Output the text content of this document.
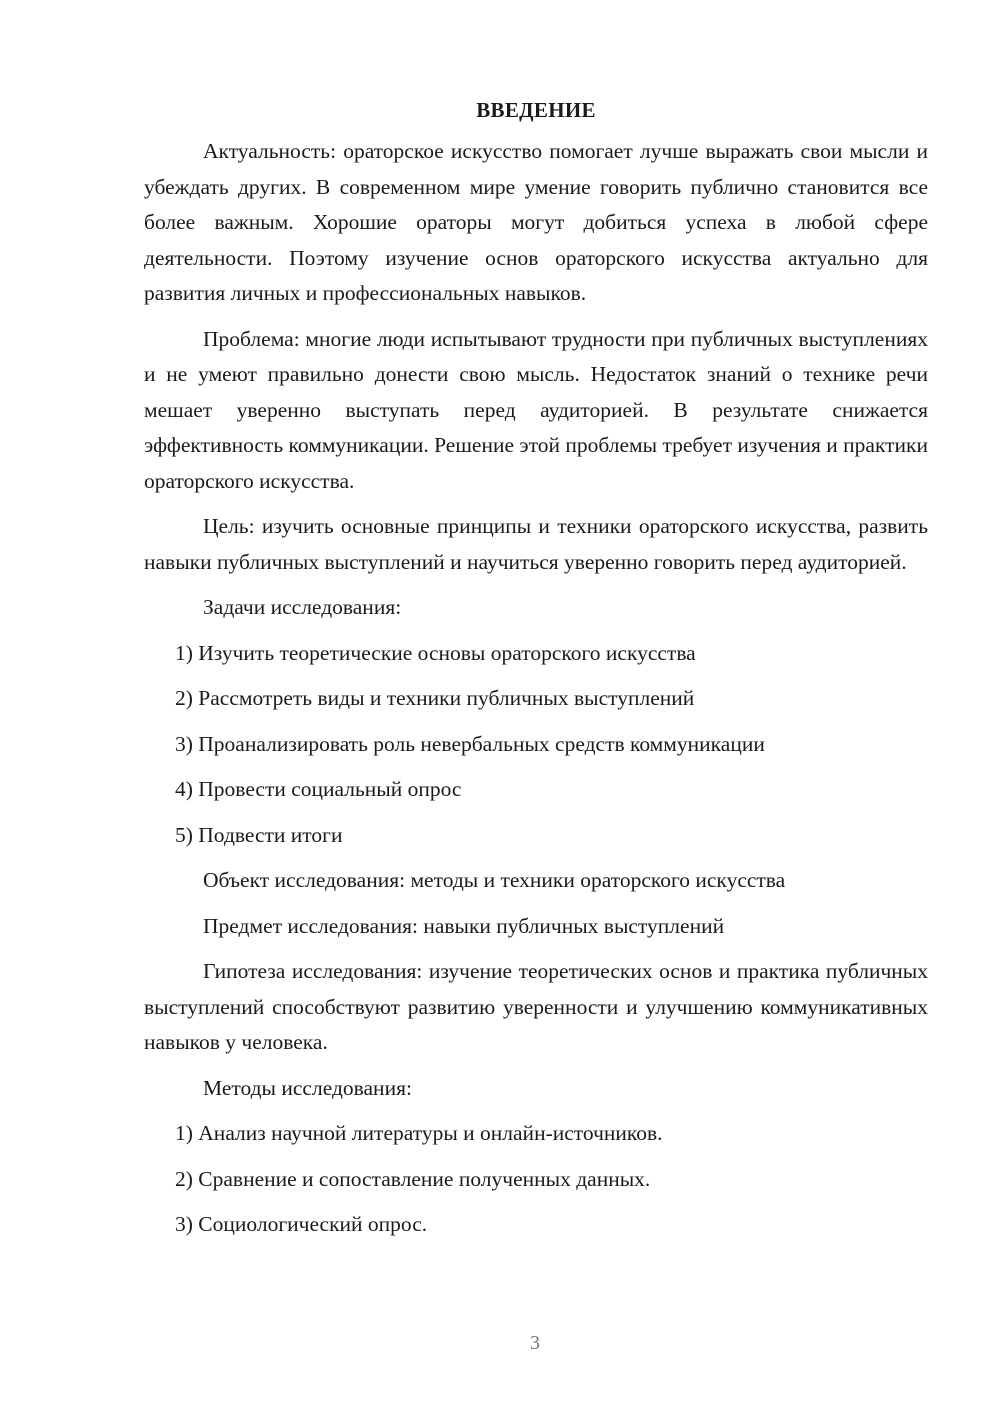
ВВЕДЕНИЕ

Актуальность: ораторское искусство помогает лучше выражать свои мысли и убеждать других. В современном мире умение говорить публично становится все более важным. Хорошие ораторы могут добиться успеха в любой сфере деятельности. Поэтому изучение основ ораторского искусства актуально для развития личных и профессиональных навыков.

Проблема: многие люди испытывают трудности при публичных выступлениях и не умеют правильно донести свою мысль. Недостаток знаний о технике речи мешает уверенно выступать перед аудиторией. В результате снижается эффективность коммуникации. Решение этой проблемы требует изучения и практики ораторского искусства.

Цель: изучить основные принципы и техники ораторского искусства, развить навыки публичных выступлений и научиться уверенно говорить перед аудиторией.

Задачи исследования:

1) Изучить теоретические основы ораторского искусства
2) Рассмотреть виды и техники публичных выступлений
3) Проанализировать роль невербальных средств коммуникации
4) Провести социальный опрос
5) Подвести итоги

Объект исследования: методы и техники ораторского искусства

Предмет исследования: навыки публичных выступлений

Гипотеза исследования: изучение теоретических основ и практика публичных выступлений способствуют развитию уверенности и улучшению коммуникативных навыков у человека.

Методы исследования:

1) Анализ научной литературы и онлайн-источников.
2) Сравнение и сопоставление полученных данных.
3) Социологический опрос.
3
